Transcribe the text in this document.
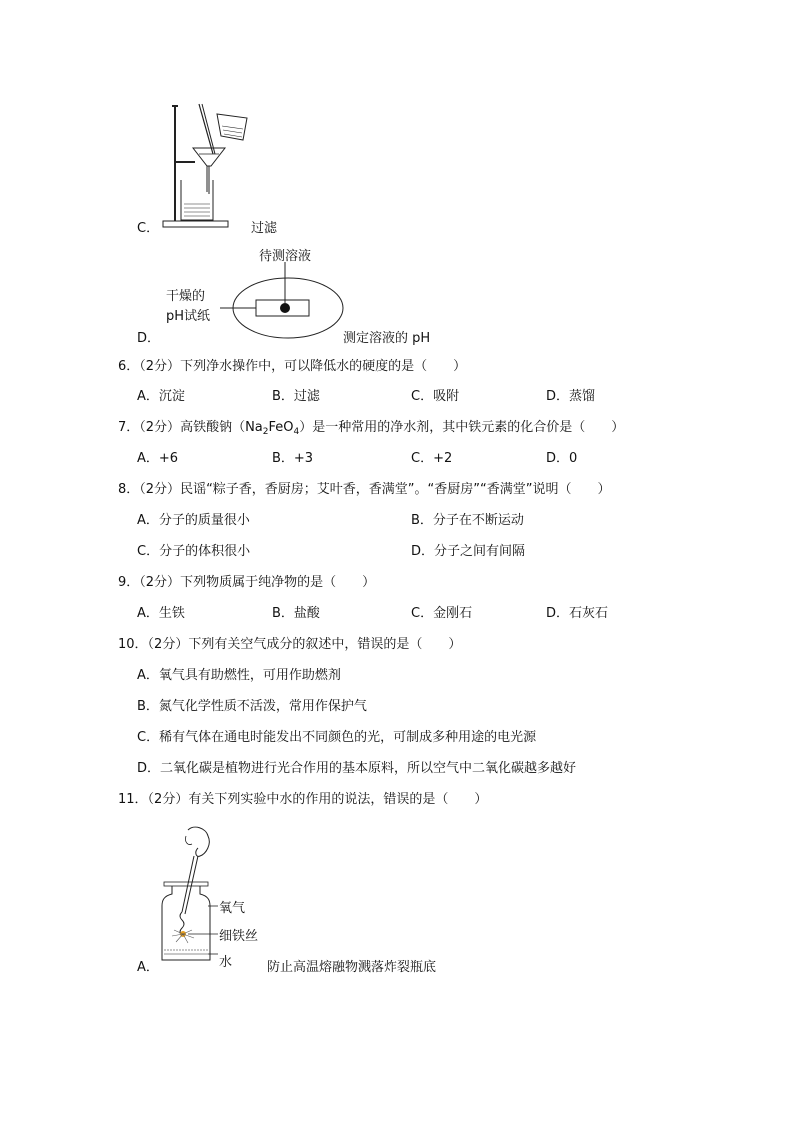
C．	过滤
待测溶液
干燥的
pH试纸
D．	测定溶液的 pH
6．（2分）下列净水操作中，可以降低水的硬度的是（　　）
A．沉淀	B．过滤	C．吸附	D．蒸馏
7．（2分）高铁酸钠$(Na_2FeO_4)$是一种常用的净水剂，其中铁元素的化合价是（　　）
A．+6	B．+3	C．+2	D．0
8．（2分）民谣“粽子香，香厨房；艾叶香，香满堂”。“香厨房”“香满堂”说明（　　）
A．分子的质量很小	B．分子在不断运动
C．分子的体积很小	D．分子之间有间隔
9．（2分）下列物质属于纯净物的是（　　）
A．生铁	B．盐酸	C．金刚石	D．石灰石
10．（2分）下列有关空气成分的叙述中，错误的是（　　）
A．氧气具有助燃性，可用作助燃剂
B．氮气化学性质不活泼，常用作保护气
C．稀有气体在通电时能发出不同颜色的光，可制成多种用途的电光源
D．二氧化碳是植物进行光合作用的基本原料，所以空气中二氧化碳越多越好
11．（2分）有关下列实验中水的作用的说法，错误的是（　　）
氧气
细铁丝
水
A．	防止高温熔融物溅落炸裂瓶底
